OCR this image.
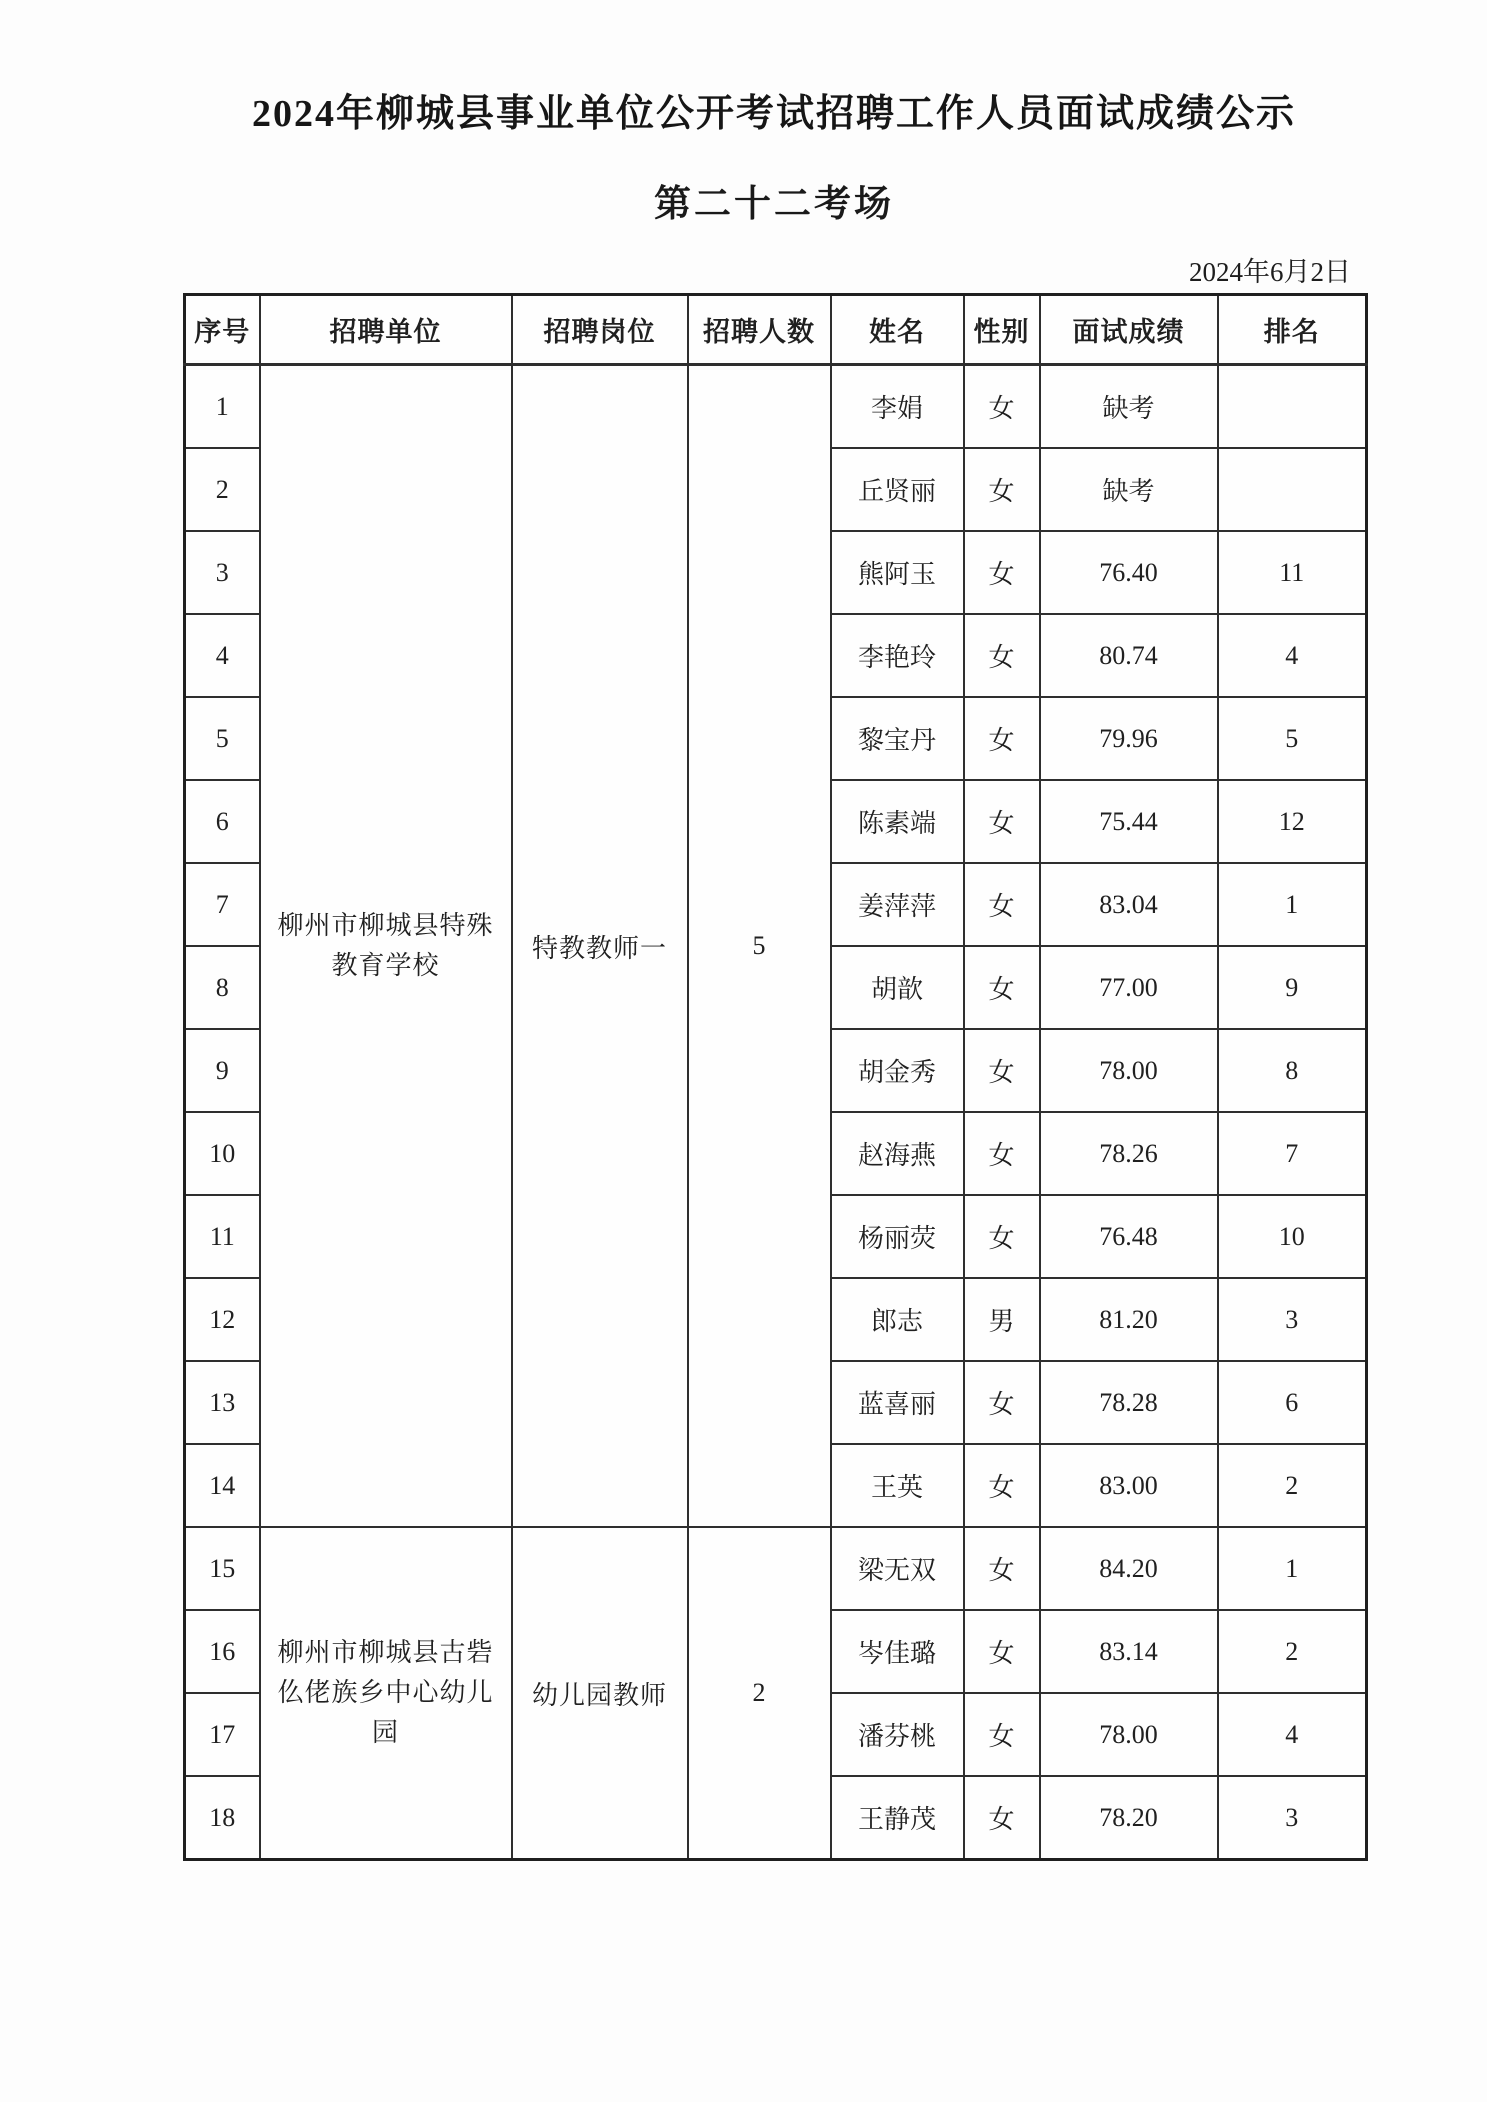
2024年柳城县事业单位公开考试招聘工作人员面试成绩公示
第二十二考场
2024年6月2日
序号	招聘单位	招聘岗位	招聘人数	姓名	性别	面试成绩	排名
1	柳州市柳城县特殊教育学校	特教教师一	5	李娟	女	缺考	
2				丘贤丽	女	缺考	
3				熊阿玉	女	76.40	11
4				李艳玲	女	80.74	4
5				黎宝丹	女	79.96	5
6				陈素端	女	75.44	12
7				姜萍萍	女	83.04	1
8				胡歆	女	77.00	9
9				胡金秀	女	78.00	8
10				赵海燕	女	78.26	7
11				杨丽荧	女	76.48	10
12				郎志	男	81.20	3
13				蓝喜丽	女	78.28	6
14				王英	女	83.00	2
15	柳州市柳城县古砦仫佬族乡中心幼儿园	幼儿园教师	2	梁无双	女	84.20	1
16				岑佳璐	女	83.14	2
17				潘芬桃	女	78.00	4
18				王静茂	女	78.20	3
